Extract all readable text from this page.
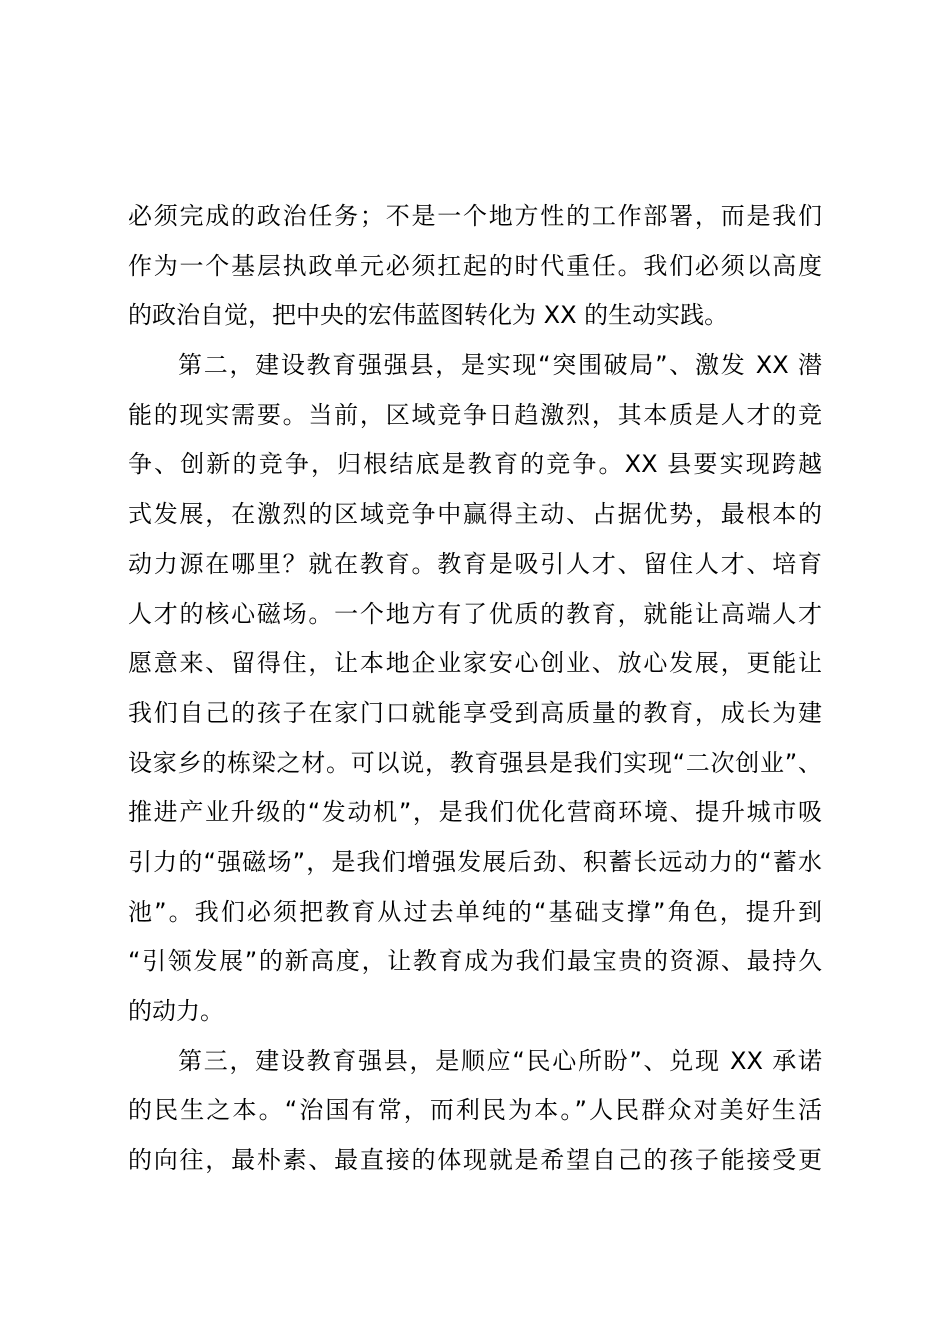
必须完成的政治任务；不是一个地方性的工作部署，而是我们
作为一个基层执政单元必须扛起的时代重任。我们必须以高度
的政治自觉，把中央的宏伟蓝图转化为 XX 的生动实践。
第二，建设教育强强县，是实现“突围破局”、激发 XX 潜
能的现实需要。当前，区域竞争日趋激烈，其本质是人才的竞
争、创新的竞争，归根结底是教育的竞争。XX 县要实现跨越
式发展，在激烈的区域竞争中赢得主动、占据优势，最根本的
动力源在哪里？就在教育。教育是吸引人才、留住人才、培育
人才的核心磁场。一个地方有了优质的教育，就能让高端人才
愿意来、留得住，让本地企业家安心创业、放心发展，更能让
我们自己的孩子在家门口就能享受到高质量的教育，成长为建
设家乡的栋梁之材。可以说，教育强县是我们实现“二次创业”、
推进产业升级的“发动机”，是我们优化营商环境、提升城市吸
引力的“强磁场”，是我们增强发展后劲、积蓄长远动力的“蓄水
池”。我们必须把教育从过去单纯的“基础支撑”角色，提升到
“引领发展”的新高度，让教育成为我们最宝贵的资源、最持久
的动力。
第三，建设教育强县，是顺应“民心所盼”、兑现 XX 承诺
的民生之本。“治国有常，而利民为本。”人民群众对美好生活
的向往，最朴素、最直接的体现就是希望自己的孩子能接受更
